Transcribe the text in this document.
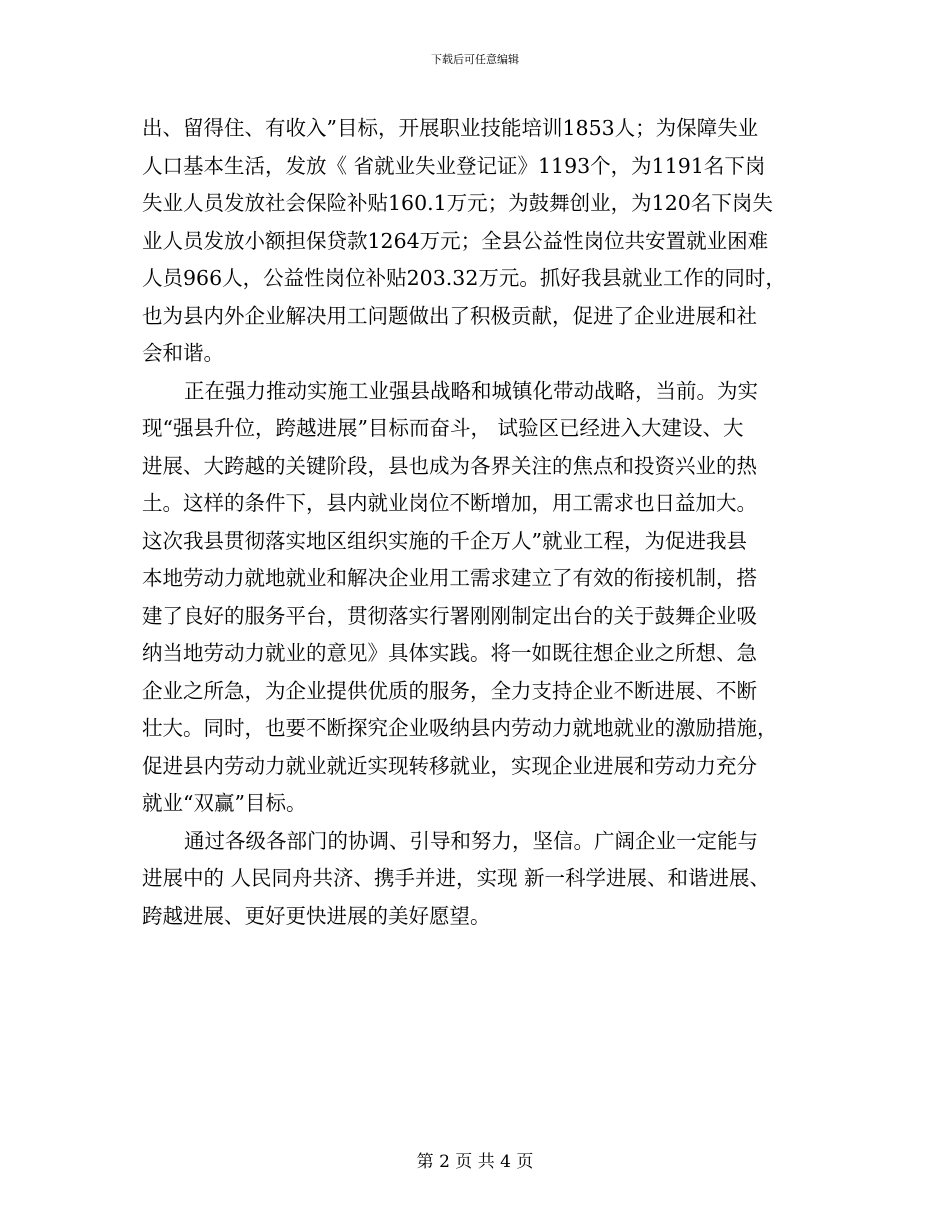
下载后可任意编辑
出、留得住、有收入”目标，开展职业技能培训1853人；为保障失业
人口基本生活，发放《 省就业失业登记证》1193个，为1191名下岗
失业人员发放社会保险补贴160.1万元；为鼓舞创业，为120名下岗失
业人员发放小额担保贷款1264万元；全县公益性岗位共安置就业困难
人员966人，公益性岗位补贴203.32万元。抓好我县就业工作的同时，
也为县内外企业解决用工问题做出了积极贡献，促进了企业进展和社
会和谐。
正在强力推动实施工业强县战略和城镇化带动战略，当前。为实
现“强县升位，跨越进展”目标而奋斗， 试验区已经进入大建设、大
进展、大跨越的关键阶段，县也成为各界关注的焦点和投资兴业的热
土。这样的条件下，县内就业岗位不断增加，用工需求也日益加大。
这次我县贯彻落实地区组织实施的千企万人”就业工程，为促进我县
本地劳动力就地就业和解决企业用工需求建立了有效的衔接机制，搭
建了良好的服务平台，贯彻落实行署刚刚制定出台的关于鼓舞企业吸
纳当地劳动力就业的意见》具体实践。将一如既往想企业之所想、急
企业之所急，为企业提供优质的服务，全力支持企业不断进展、不断
壮大。同时，也要不断探究企业吸纳县内劳动力就地就业的激励措施，
促进县内劳动力就业就近实现转移就业，实现企业进展和劳动力充分
就业“双赢”目标。
通过各级各部门的协调、引导和努力，坚信。广阔企业一定能与
进展中的 人民同舟共济、携手并进，实现 新一科学进展、和谐进展、
跨越进展、更好更快进展的美好愿望。
第 2 页 共 4 页
